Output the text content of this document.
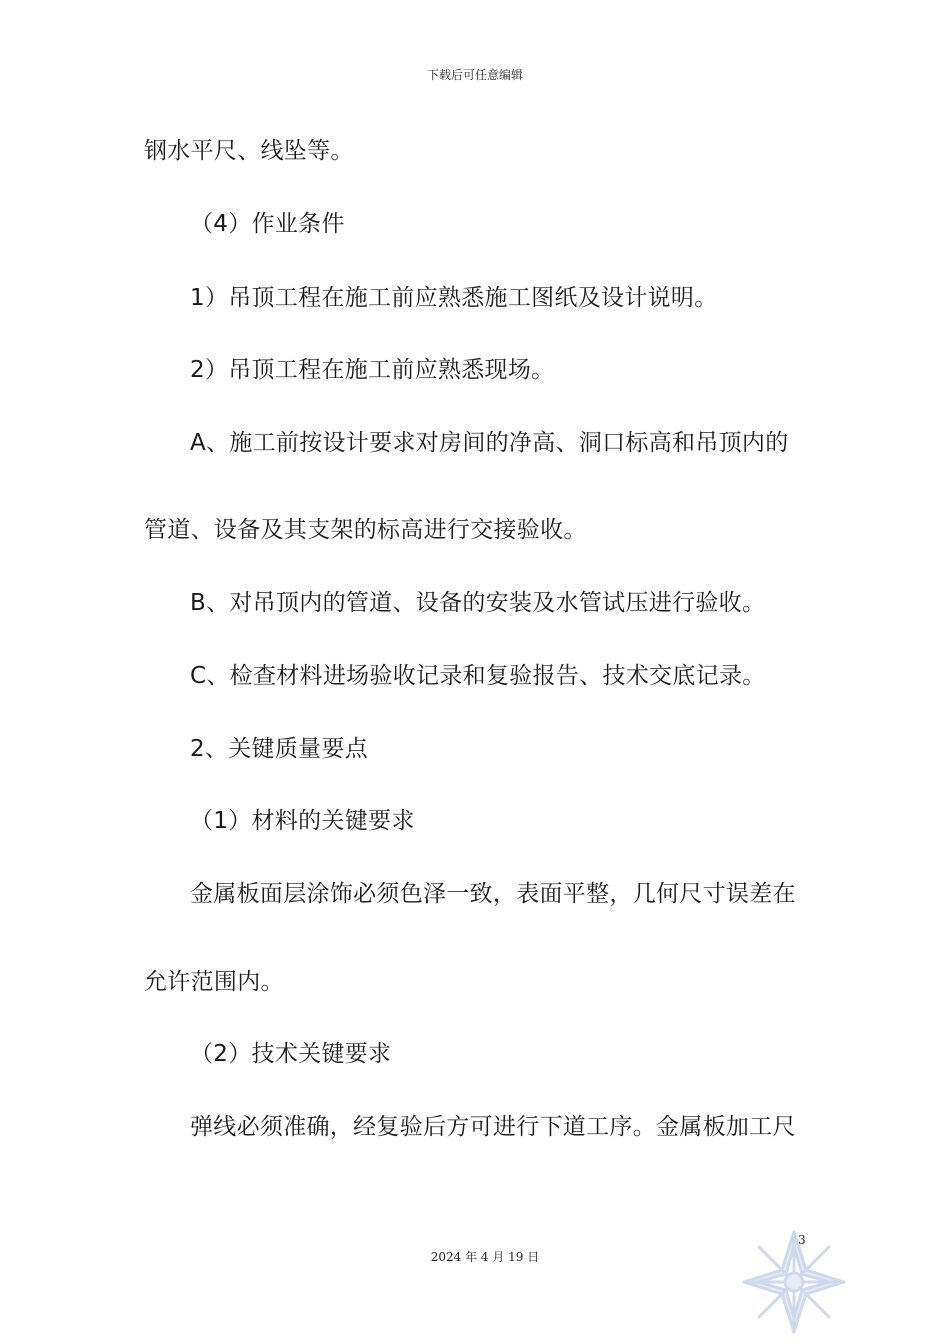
下载后可任意编辑
钢水平尺、线坠等。
（4）作业条件
1）吊顶工程在施工前应熟悉施工图纸及设计说明。
2）吊顶工程在施工前应熟悉现场。
A、施工前按设计要求对房间的净高、洞口标高和吊顶内的
管道、设备及其支架的标高进行交接验收。
B、对吊顶内的管道、设备的安装及水管试压进行验收。
C、检查材料进场验收记录和复验报告、技术交底记录。
2、关键质量要点
（1）材料的关键要求
金属板面层涂饰必须色泽一致，表面平整，几何尺寸误差在
允许范围内。
（2）技术关键要求
弹线必须准确，经复验后方可进行下道工序。金属板加工尺
3
2024 年 4 月 19 日
